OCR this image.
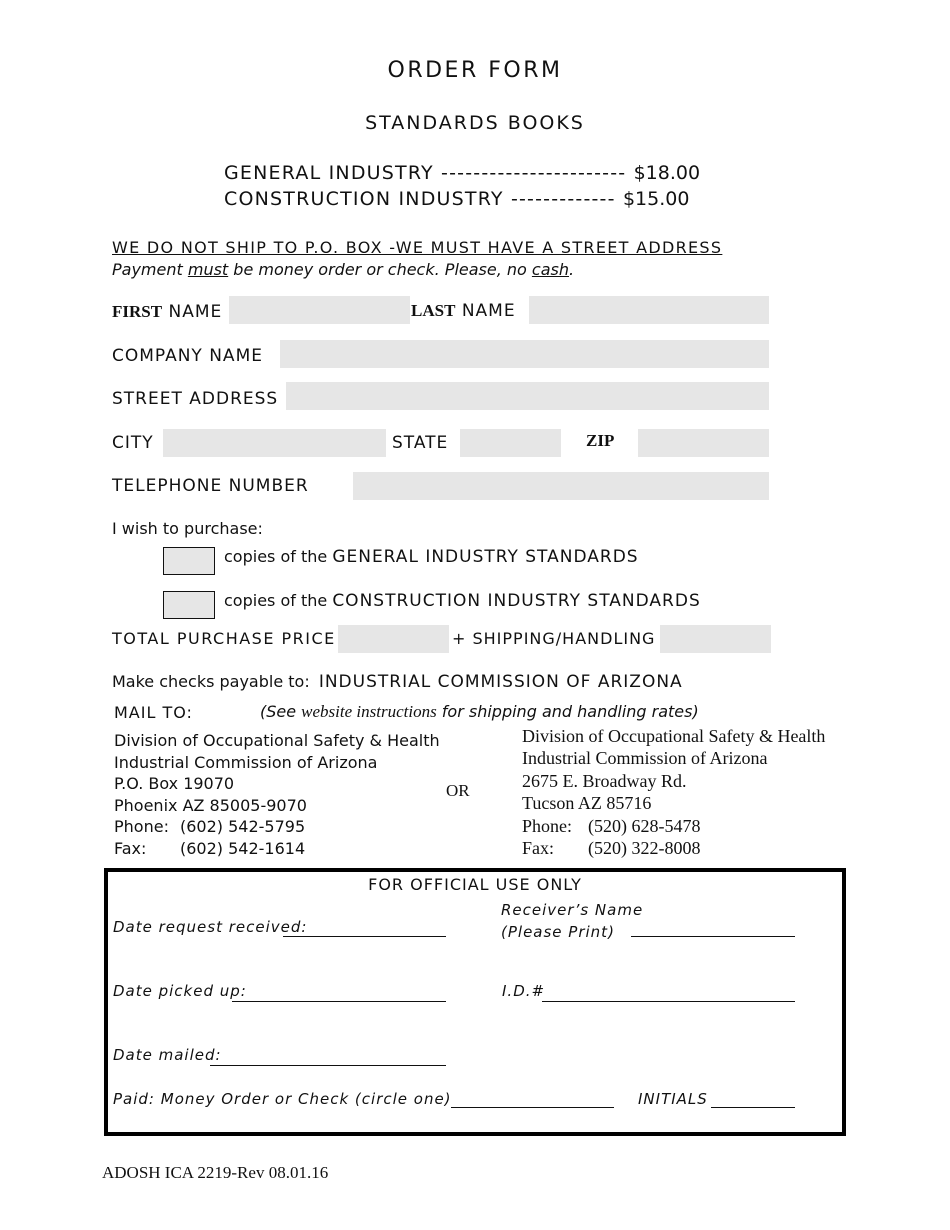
ORDER FORM
STANDARDS BOOKS
GENERAL INDUSTRY ----------------------- $18.00
CONSTRUCTION INDUSTRY ------------- $15.00
WE DO NOT SHIP TO P.O. BOX -WE MUST HAVE A STREET ADDRESS
Payment must be money order or check. Please, no cash.
FIRST NAME	LAST NAME
COMPANY NAME
STREET ADDRESS
CITY	STATE	ZIP
TELEPHONE NUMBER
I wish to purchase:
copies of the GENERAL INDUSTRY STANDARDS
copies of the CONSTRUCTION INDUSTRY STANDARDS
TOTAL PURCHASE PRICE	+ SHIPPING/HANDLING
Make checks payable to: INDUSTRIAL COMMISSION OF ARIZONA
MAIL TO:	(See website instructions for shipping and handling rates)
Division of Occupational Safety & Health
Industrial Commission of Arizona
P.O. Box 19070
Phoenix AZ 85005-9070
Phone: (602) 542-5795
Fax: (602) 542-1614
OR
Division of Occupational Safety & Health
Industrial Commission of Arizona
2675 E. Broadway Rd.
Tucson AZ 85716
Phone: (520) 628-5478
Fax: (520) 322-8008
FOR OFFICIAL USE ONLY
Date request received:
Receiver’s Name
(Please Print)
Date picked up:	I.D.#
Date mailed:
Paid: Money Order or Check (circle one)	INITIALS
ADOSH ICA 2219-Rev 08.01.16
